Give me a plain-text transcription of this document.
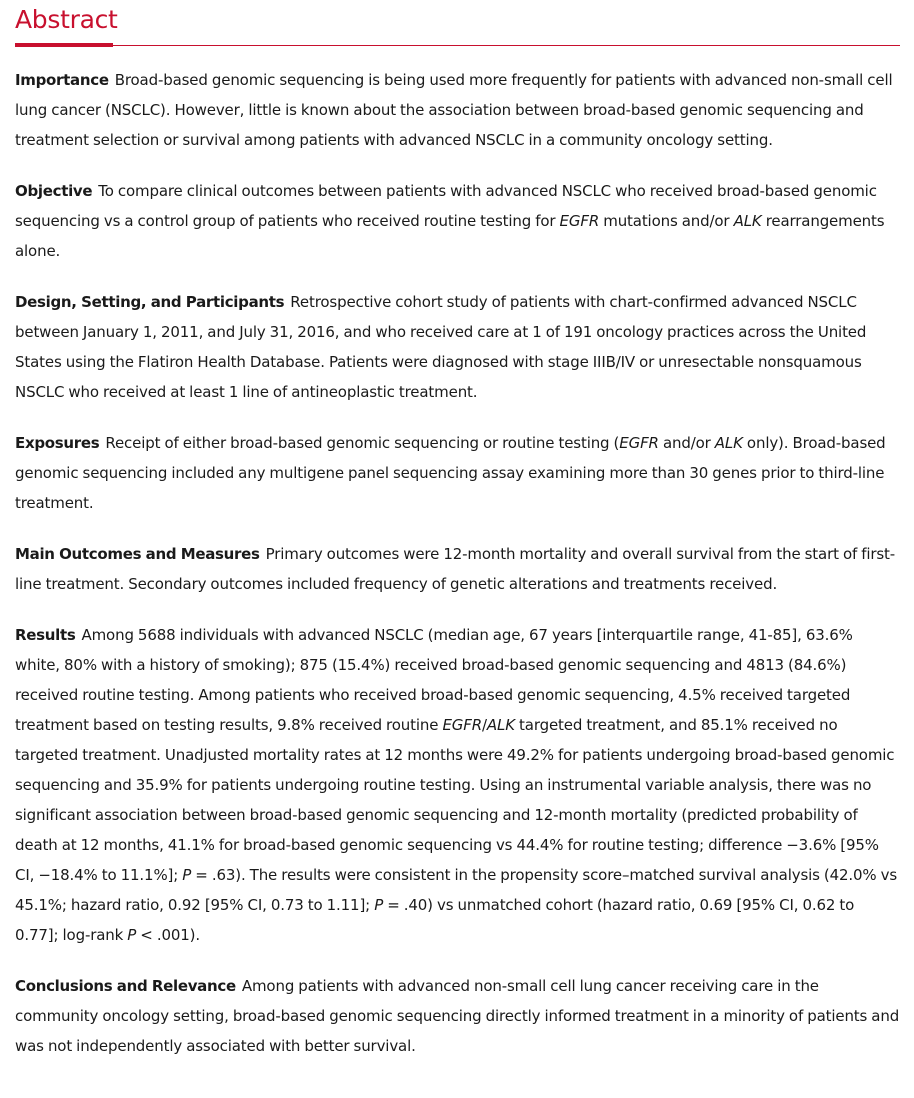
Abstract

Importance Broad-based genomic sequencing is being used more frequently for patients with advanced non-small cell lung cancer (NSCLC). However, little is known about the association between broad-based genomic sequencing and treatment selection or survival among patients with advanced NSCLC in a community oncology setting.

Objective To compare clinical outcomes between patients with advanced NSCLC who received broad-based genomic sequencing vs a control group of patients who received routine testing for EGFR mutations and/or ALK rearrangements alone.

Design, Setting, and Participants Retrospective cohort study of patients with chart-confirmed advanced NSCLC between January 1, 2011, and July 31, 2016, and who received care at 1 of 191 oncology practices across the United States using the Flatiron Health Database. Patients were diagnosed with stage IIIB/IV or unresectable nonsquamous NSCLC who received at least 1 line of antineoplastic treatment.

Exposures Receipt of either broad-based genomic sequencing or routine testing (EGFR and/or ALK only). Broad-based genomic sequencing included any multigene panel sequencing assay examining more than 30 genes prior to third-line treatment.

Main Outcomes and Measures Primary outcomes were 12-month mortality and overall survival from the start of first-line treatment. Secondary outcomes included frequency of genetic alterations and treatments received.

Results Among 5688 individuals with advanced NSCLC (median age, 67 years [interquartile range, 41-85], 63.6% white, 80% with a history of smoking); 875 (15.4%) received broad-based genomic sequencing and 4813 (84.6%) received routine testing. Among patients who received broad-based genomic sequencing, 4.5% received targeted treatment based on testing results, 9.8% received routine EGFR/ALK targeted treatment, and 85.1% received no targeted treatment. Unadjusted mortality rates at 12 months were 49.2% for patients undergoing broad-based genomic sequencing and 35.9% for patients undergoing routine testing. Using an instrumental variable analysis, there was no significant association between broad-based genomic sequencing and 12-month mortality (predicted probability of death at 12 months, 41.1% for broad-based genomic sequencing vs 44.4% for routine testing; difference −3.6% [95% CI, −18.4% to 11.1%]; P = .63). The results were consistent in the propensity score–matched survival analysis (42.0% vs 45.1%; hazard ratio, 0.92 [95% CI, 0.73 to 1.11]; P = .40) vs unmatched cohort (hazard ratio, 0.69 [95% CI, 0.62 to 0.77]; log-rank P < .001).

Conclusions and Relevance Among patients with advanced non-small cell lung cancer receiving care in the community oncology setting, broad-based genomic sequencing directly informed treatment in a minority of patients and was not independently associated with better survival.
